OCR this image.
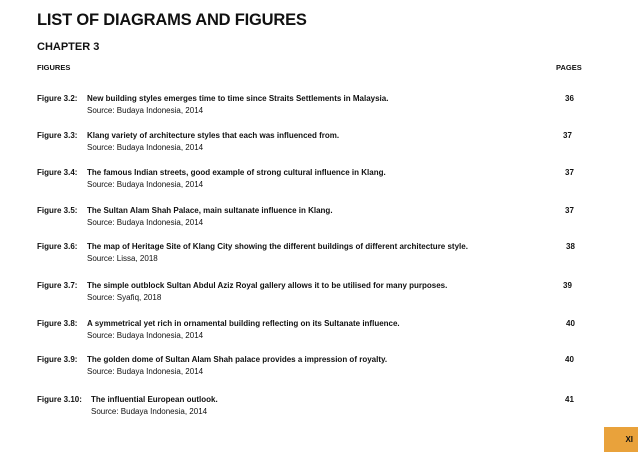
LIST OF DIAGRAMS AND FIGURES
CHAPTER 3
FIGURES	PAGES
Figure 3.2: New building styles emerges time to time since Straits Settlements in Malaysia.
Source: Budaya Indonesia, 2014
36
Figure 3.3: Klang variety of architecture styles that each was influenced from.
Source: Budaya Indonesia, 2014
37
Figure 3.4: The famous Indian streets, good example of strong cultural influence in Klang.
Source: Budaya Indonesia, 2014
37
Figure 3.5: The Sultan Alam Shah Palace, main sultanate influence in Klang.
Source: Budaya Indonesia, 2014
37
Figure 3.6: The map of Heritage Site of Klang City showing the different buildings of different architecture style.
Source: Lissa, 2018
38
Figure 3.7: The simple outblock Sultan Abdul Aziz Royal gallery allows it to be utilised for many purposes.
Source: Syafiq, 2018
39
Figure 3.8: A symmetrical yet rich in ornamental building reflecting on its Sultanate influence.
Source: Budaya Indonesia, 2014
40
Figure 3.9: The golden dome of Sultan Alam Shah palace provides a impression of royalty.
Source: Budaya Indonesia, 2014
40
Figure 3.10: The influential European outlook.
Source: Budaya Indonesia, 2014
41
XI
